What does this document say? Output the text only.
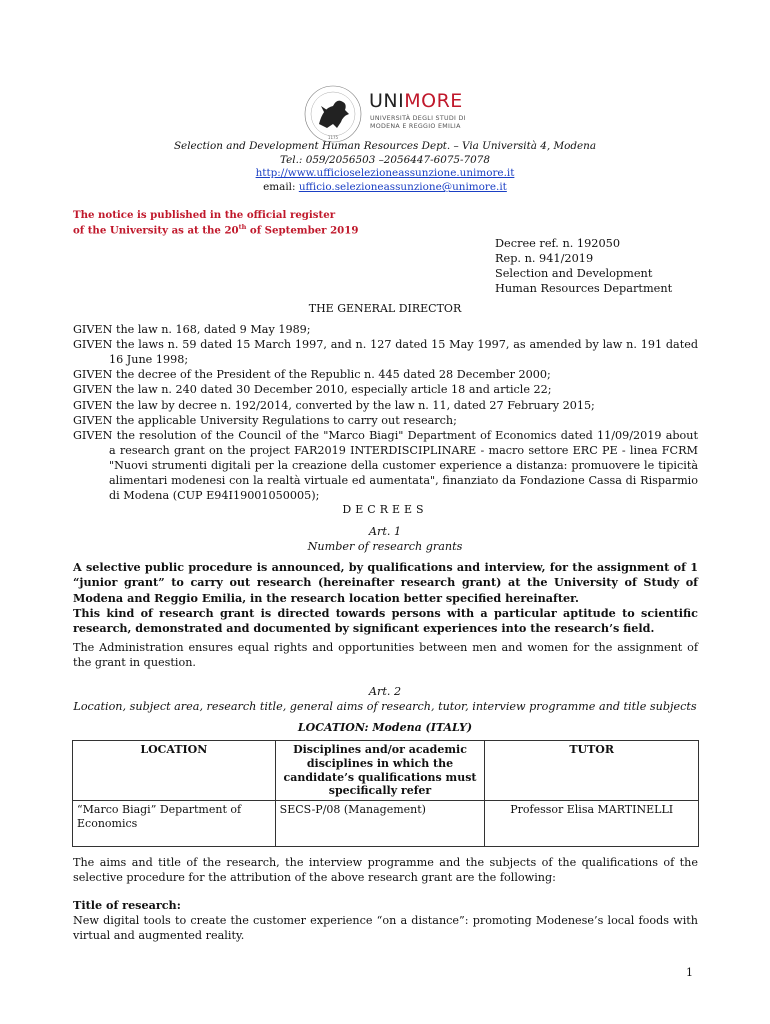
1175
UNIMORE
UNIVERSITÀ DEGLI STUDI DI
MODENA E REGGIO EMILIA
Selection and Development Human Resources Dept. – Via Università 4, Modena
Tel.: 059/2056503 –2056447-6075-7078
http://www.ufficioselezioneassunzione.unimore.it
email: ufficio.selezioneassunzione@unimore.it
The notice is published in the official register
of the University as at the 20th of September 2019
Decree ref. n. 192050
Rep. n. 941/2019
Selection and Development
Human Resources Department
THE GENERAL DIRECTOR

GIVEN the law n. 168, dated 9 May 1989;

GIVEN the laws n. 59 dated 15 March 1997, and n. 127 dated 15 May 1997, as amended by law n. 191 dated 16 June 1998;

GIVEN the decree of the President of the Republic n. 445 dated 28 December 2000;

GIVEN the law n. 240 dated 30 December 2010, especially article 18 and article 22;

GIVEN the law by decree n. 192/2014, converted by the law n. 11, dated 27 February 2015;

GIVEN the applicable University Regulations to carry out research;

GIVEN the resolution of the Council of the "Marco Biagi" Department of Economics dated 11/09/2019 about a research grant on the project FAR2019 INTERDISCIPLINARE - macro settore ERC PE - linea FCRM "Nuovi strumenti digitali per la creazione della customer experience a distanza: promuovere le tipicità alimentari modenesi con la realtà virtuale ed aumentata", finanziato da Fondazione Cassa di Risparmio di Modena (CUP E94I19001050005);

DECREES
Art. 1
Number of research grants
A selective public procedure is announced, by qualifications and interview, for the assignment of 1 “junior grant” to carry out research (hereinafter research grant) at the University of Study of Modena and Reggio Emilia, in the research location better specified hereinafter.
This kind of research grant is directed towards persons with a particular aptitude to scientific research, demonstrated and documented by significant experiences into the research’s field.
The Administration ensures equal rights and opportunities between men and women for the assignment of the grant in question.
Art. 2
Location, subject area, research title, general aims of research, tutor, interview programme and title subjects
LOCATION: Modena (ITALY)
LOCATION	Disciplines and/or academic disciplines in which the candidate’s qualifications must specifically refer	TUTOR
“Marco Biagi” Department of Economics	SECS-P/08 (Management)	Professor Elisa MARTINELLI
The aims and title of the research, the interview programme and the subjects of the qualifications of the selective procedure for the attribution of the above research grant are the following:
Title of research:
New digital tools to create the customer experience “on a distance”: promoting Modenese’s local foods with virtual and augmented reality.
1
